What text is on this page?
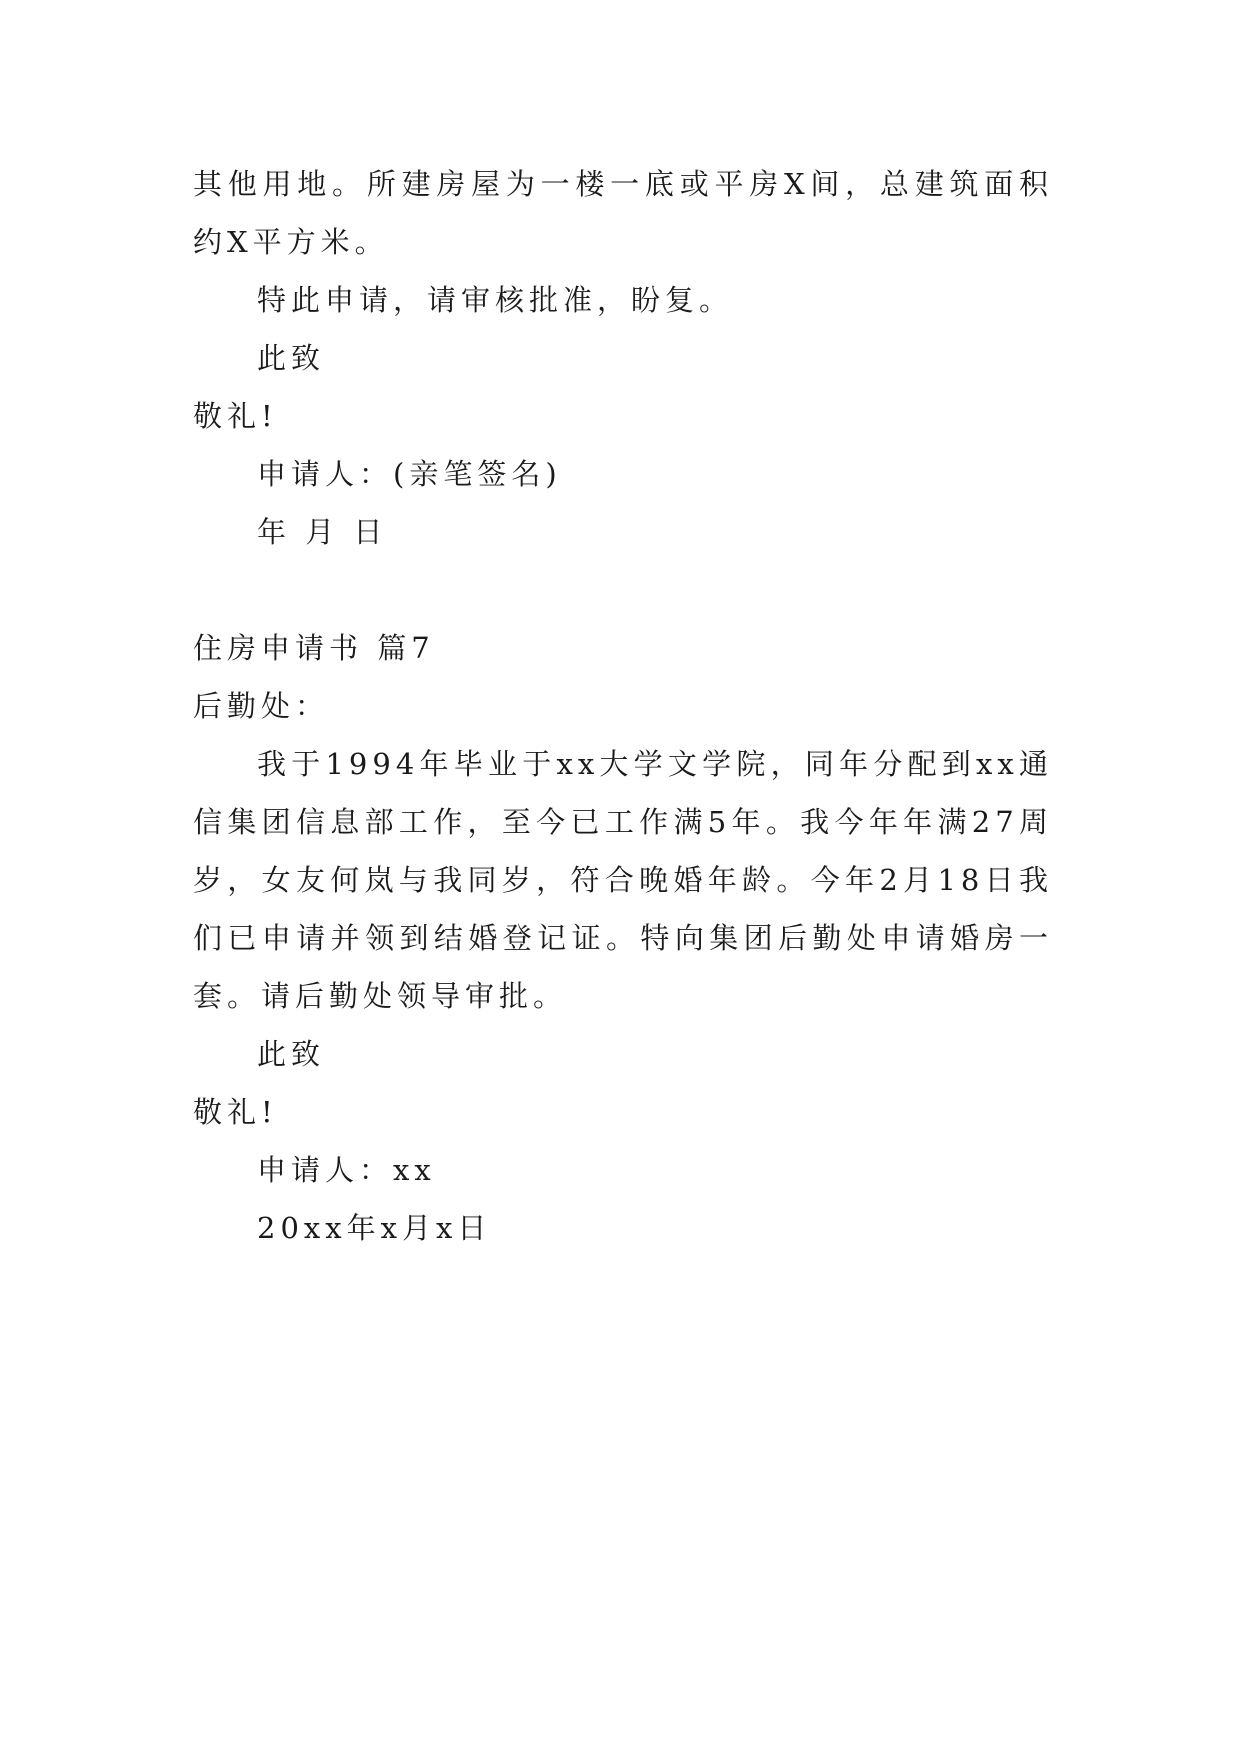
其他用地。所建房屋为一楼一底或平房X间，总建筑面积约X平方米。

特此申请，请审核批准，盼复。

此致

敬礼!

申请人：(亲笔签名)

年 月 日

住房申请书 篇7

后勤处：

我于1994年毕业于xx大学文学院，同年分配到xx通信集团信息部工作，至今已工作满5年。我今年年满27周岁，女友何岚与我同岁，符合晚婚年龄。今年2月18日我们已申请并领到结婚登记证。特向集团后勤处申请婚房一套。请后勤处领导审批。

此致

敬礼!

申请人：xx

20xx年x月x日
